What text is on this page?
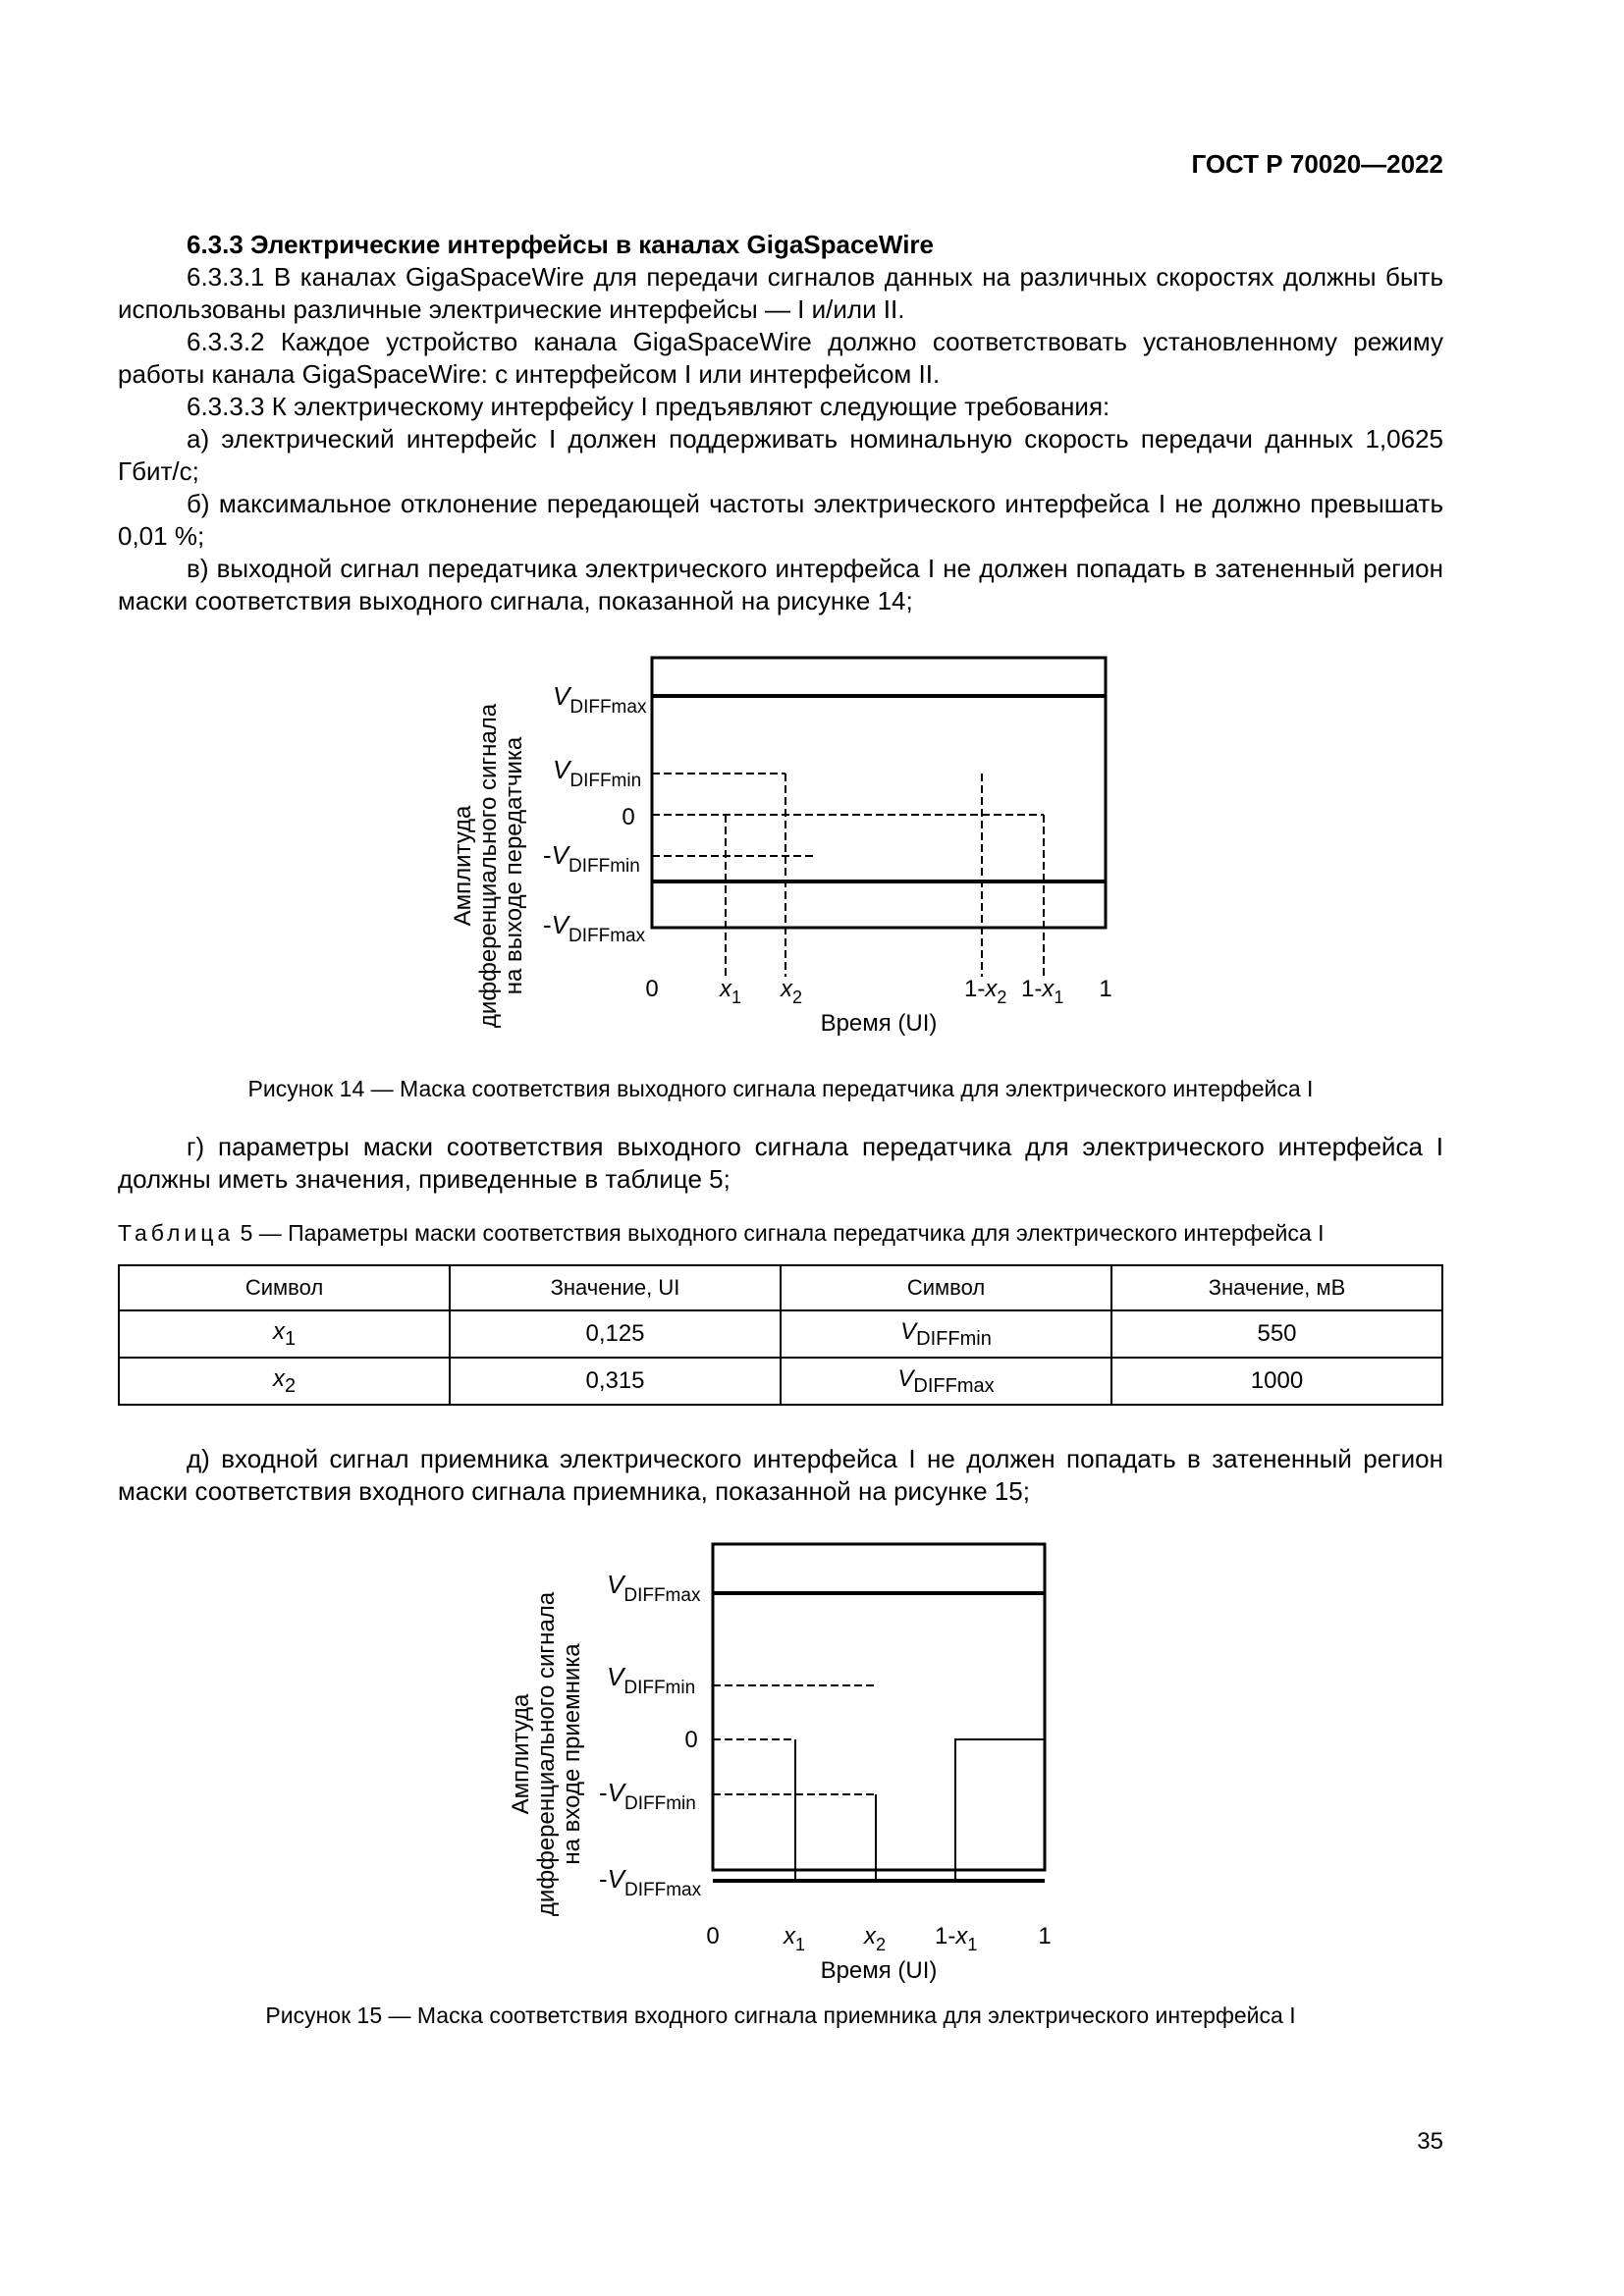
ГОСТ Р 70020—2022

6.3.3 Электрические интерфейсы в каналах GigaSpaceWire

6.3.3.1 В каналах GigaSpaceWire для передачи сигналов данных на различных скоростях должны быть использованы различные электрические интерфейсы — I и/или II.

6.3.3.2 Каждое устройство канала GigaSpaceWire должно соответствовать установленному режиму работы канала GigaSpaceWire: с интерфейсом I или интерфейсом II.

6.3.3.3 К электрическому интерфейсу I предъявляют следующие требования:

а) электрический интерфейс I должен поддерживать номинальную скорость передачи данных 1,0625 Гбит/с;

б) максимальное отклонение передающей частоты электрического интерфейса I не должно превышать 0,01 %;

в) выходной сигнал передатчика электрического интерфейса I не должен попадать в затененный регион маски соответствия выходного сигнала, показанной на рисунке 14;

Амплитуда дифференциального сигнала на выходе передатчика
$V_{DIFFmax}$
$V_{DIFFmin}$
0
$-V_{DIFFmin}$
$-V_{DIFFmax}$
0	$x_1$ $x_2$	$1-x_2$ $1-x_1$ 1
Время (UI)
Рисунок 14 — Маска соответствия выходного сигнала передатчика для электрического интерфейса I

г) параметры маски соответствия выходного сигнала передатчика для электрического интерфейса I должны иметь значения, приведенные в таблице 5;

Таблица 5 — Параметры маски соответствия выходного сигнала передатчика для электрического интерфейса I
Символ	Значение, UI	Символ	Значение, мВ
$x_1$	0,125	$V_{DIFFmin}$	550
$x_2$	0,315	$V_{DIFFmax}$	1000

д) входной сигнал приемника электрического интерфейса I не должен попадать в затененный регион маски соответствия входного сигнала приемника, показанной на рисунке 15;

Амплитуда дифференциального сигнала на входе приемника
$V_{DIFFmax}$
$V_{DIFFmin}$
0
$-V_{DIFFmin}$
$-V_{DIFFmax}$
0	$x_1$ $x_2$ $1-x_1$	1
Время (UI)
Рисунок 15 — Маска соответствия входного сигнала приемника для электрического интерфейса I
35
